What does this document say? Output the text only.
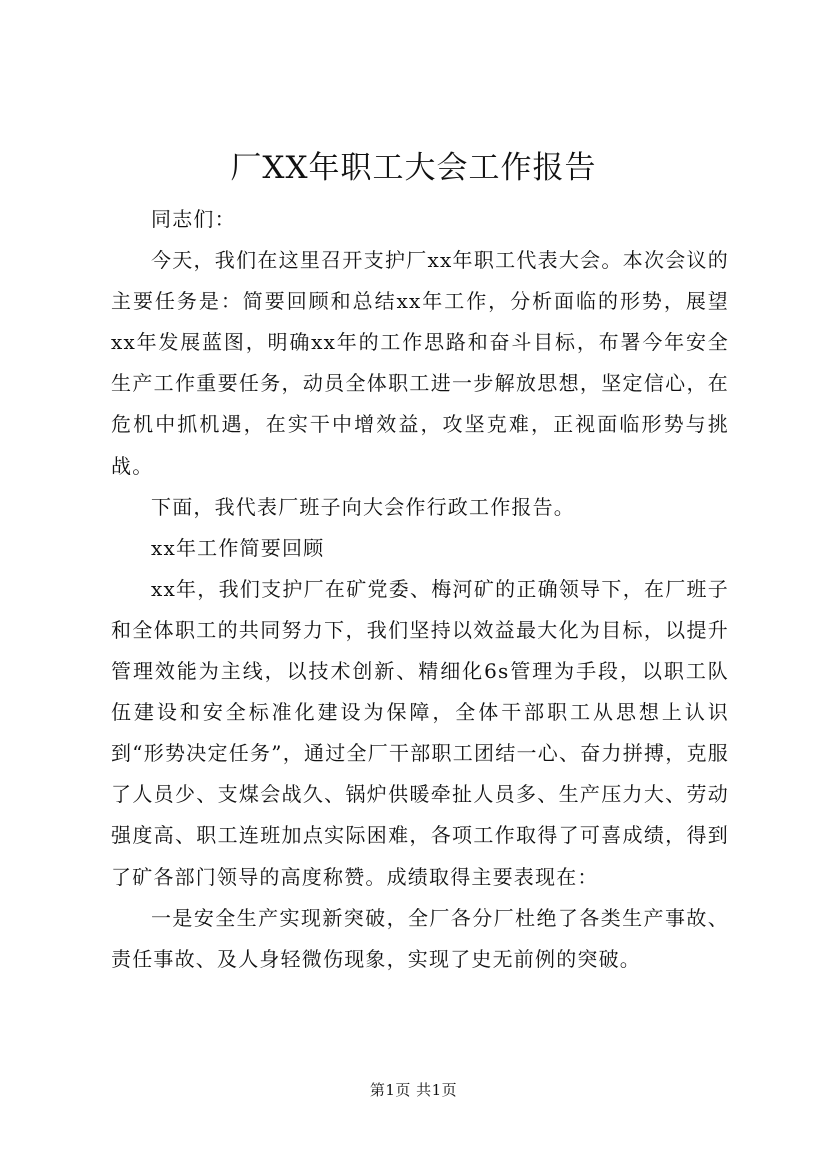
厂XX年职工大会工作报告

同志们：

今天，我们在这里召开支护厂xx年职工代表大会。本次会议的主要任务是：简要回顾和总结xx年工作，分析面临的形势，展望xx年发展蓝图，明确xx年的工作思路和奋斗目标，布署今年安全生产工作重要任务，动员全体职工进一步解放思想，坚定信心，在危机中抓机遇，在实干中增效益，攻坚克难，正视面临形势与挑战。

下面，我代表厂班子向大会作行政工作报告。

xx年工作简要回顾

xx年，我们支护厂在矿党委、梅河矿的正确领导下，在厂班子和全体职工的共同努力下，我们坚持以效益最大化为目标，以提升管理效能为主线，以技术创新、精细化6s管理为手段，以职工队伍建设和安全标准化建设为保障，全体干部职工从思想上认识到“形势决定任务”，通过全厂干部职工团结一心、奋力拼搏，克服了人员少、支煤会战久、锅炉供暖牵扯人员多、生产压力大、劳动强度高、职工连班加点实际困难，各项工作取得了可喜成绩，得到了矿各部门领导的高度称赞。成绩取得主要表现在：

一是安全生产实现新突破，全厂各分厂杜绝了各类生产事故、责任事故、及人身轻微伤现象，实现了史无前例的突破。

第1页 共1页
